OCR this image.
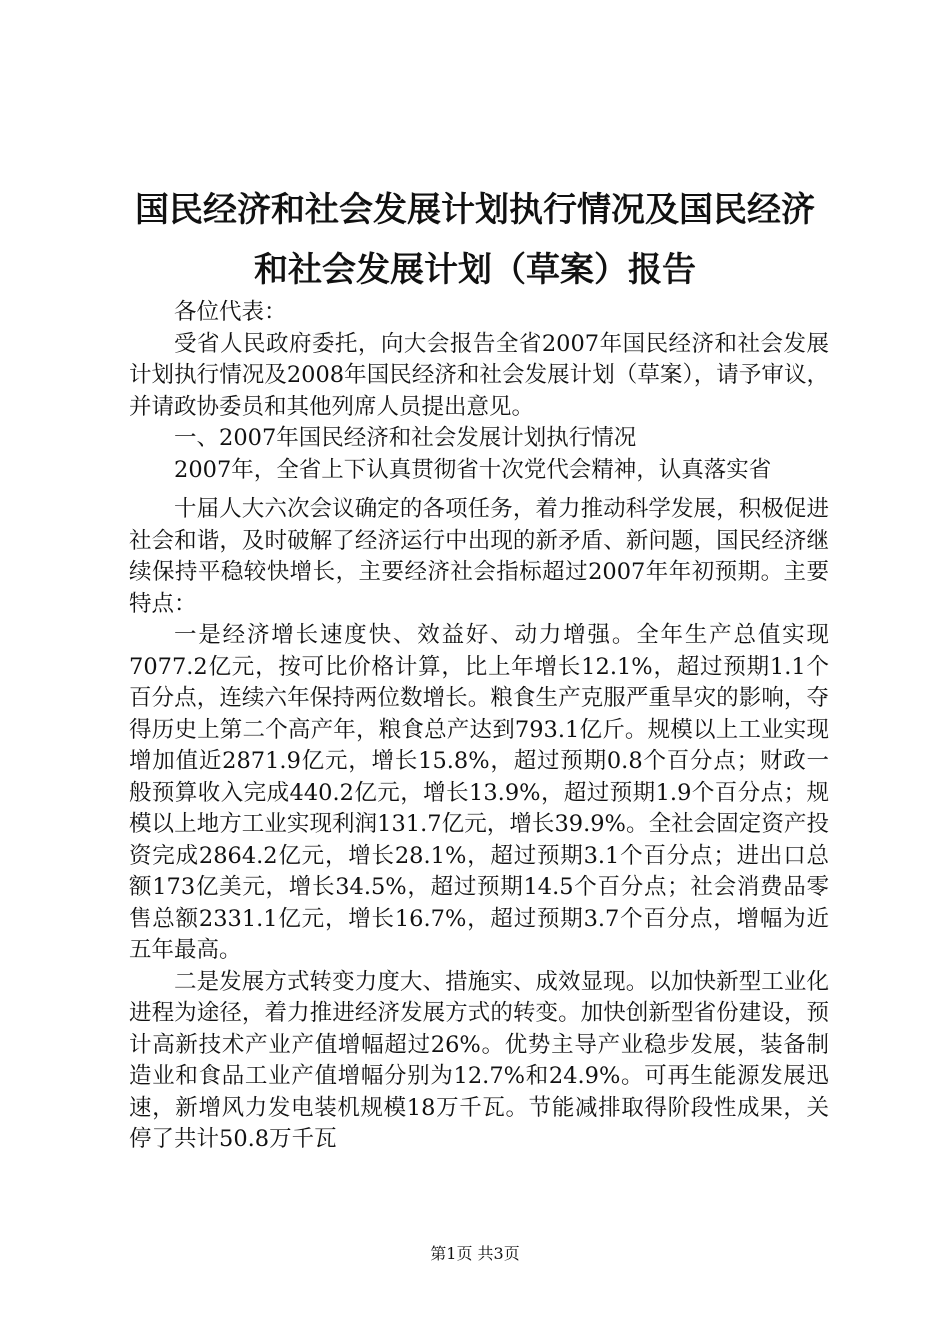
国民经济和社会发展计划执行情况及国民经济
和社会发展计划（草案）报告

各位代表：

受省人民政府委托，向大会报告全省2007年国民经济和社会发展计划执行情况及2008年国民经济和社会发展计划（草案），请予审议，并请政协委员和其他列席人员提出意见。

一、2007年国民经济和社会发展计划执行情况

2007年，全省上下认真贯彻省十次党代会精神，认真落实省

十届人大六次会议确定的各项任务，着力推动科学发展，积极促进社会和谐，及时破解了经济运行中出现的新矛盾、新问题，国民经济继续保持平稳较快增长，主要经济社会指标超过2007年年初预期。主要特点：

一是经济增长速度快、效益好、动力增强。全年生产总值实现7077.2亿元，按可比价格计算，比上年增长12.1%，超过预期1.1个百分点，连续六年保持两位数增长。粮食生产克服严重旱灾的影响，夺得历史上第二个高产年，粮食总产达到793.1亿斤。规模以上工业实现增加值近2871.9亿元，增长15.8%，超过预期0.8个百分点；财政一般预算收入完成440.2亿元，增长13.9%，超过预期1.9个百分点；规模以上地方工业实现利润131.7亿元，增长39.9%。全社会固定资产投资完成2864.2亿元，增长28.1%，超过预期3.1个百分点；进出口总额173亿美元，增长34.5%，超过预期14.5个百分点；社会消费品零售总额2331.1亿元，增长16.7%，超过预期3.7个百分点，增幅为近五年最高。

二是发展方式转变力度大、措施实、成效显现。以加快新型工业化进程为途径，着力推进经济发展方式的转变。加快创新型省份建设，预计高新技术产业产值增幅超过26%。优势主导产业稳步发展，装备制造业和食品工业产值增幅分别为12.7%和24.9%。可再生能源发展迅速，新增风力发电装机规模18万千瓦。节能减排取得阶段性成果，关停了共计50.8万千瓦

第1页 共3页
